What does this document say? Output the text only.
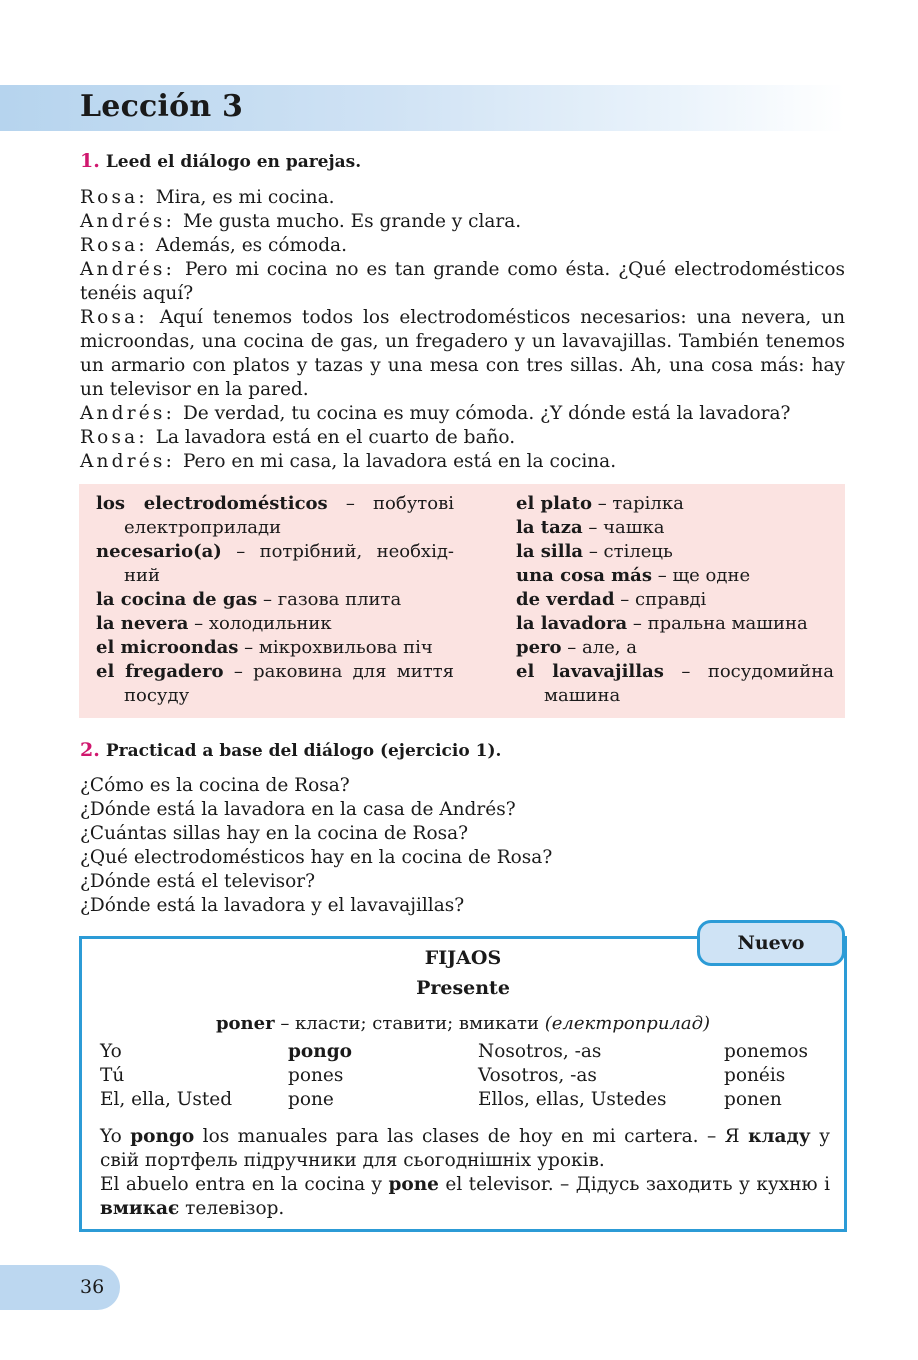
Lección 3
1. Leed el diálogo en parejas.

Rosa: Mira, es mi cocina.

Andrés: Me gusta mucho. Es grande y clara.

Rosa: Además, es cómoda.

Andrés: Pero mi cocina no es tan grande como ésta. ¿Qué electrodomésticos tenéis aquí?

Rosa: Aquí tenemos todos los electrodomésticos necesarios: una nevera, un microondas, una cocina de gas, un fregadero y un lavavajillas. También tenemos un armario con platos y tazas y una mesa con tres sillas. Ah, una cosa más: hay un televisor en la pared.

Andrés: De verdad, tu cocina es muy cómoda. ¿Y dónde está la lavadora?

Rosa: La lavadora está en el cuarto de baño.

Andrés: Pero en mi casa, la lavadora está en la cocina.

los electrodomésticos – побутові електроприлади
necesario(a) – потрібний, необхід-ний
la cocina de gas – газова плита
la nevera – холодильник
el microondas – мікрохвильова піч
el fregadero – раковина для миття посуду
el plato – тарілка
la taza – чашка
la silla – стілець
una cosa más – ще одне
de verdad – справді
la lavadora – пральна машина
pero – але, а
el lavavajillas – посудомийна машина
2. Practicad a base del diálogo (ejercicio 1).

¿Cómo es la cocina de Rosa?

¿Dónde está la lavadora en la casa de Andrés?

¿Cuántas sillas hay en la cocina de Rosa?

¿Qué electrodomésticos hay en la cocina de Rosa?

¿Dónde está el televisor?

¿Dónde está la lavadora y el lavavajillas?

FIJAOS
Presente
poner – класти; ставити; вмикати (електроприлад)
Yo	pongo	Nosotros, -as	ponemos
Tú	pones	Vosotros, -as	ponéis
El, ella, Usted	pone	Ellos, ellas, Ustedes	ponen

Yo pongo los manuales para las clases de hoy en mi cartera. – Я кладу у свій портфель підручники для сьогоднішніх уроків.

El abuelo entra en la cocina y pone el televisor. – Дідусь заходить у кухню і вмикає телевізор.

Nuevo
36
